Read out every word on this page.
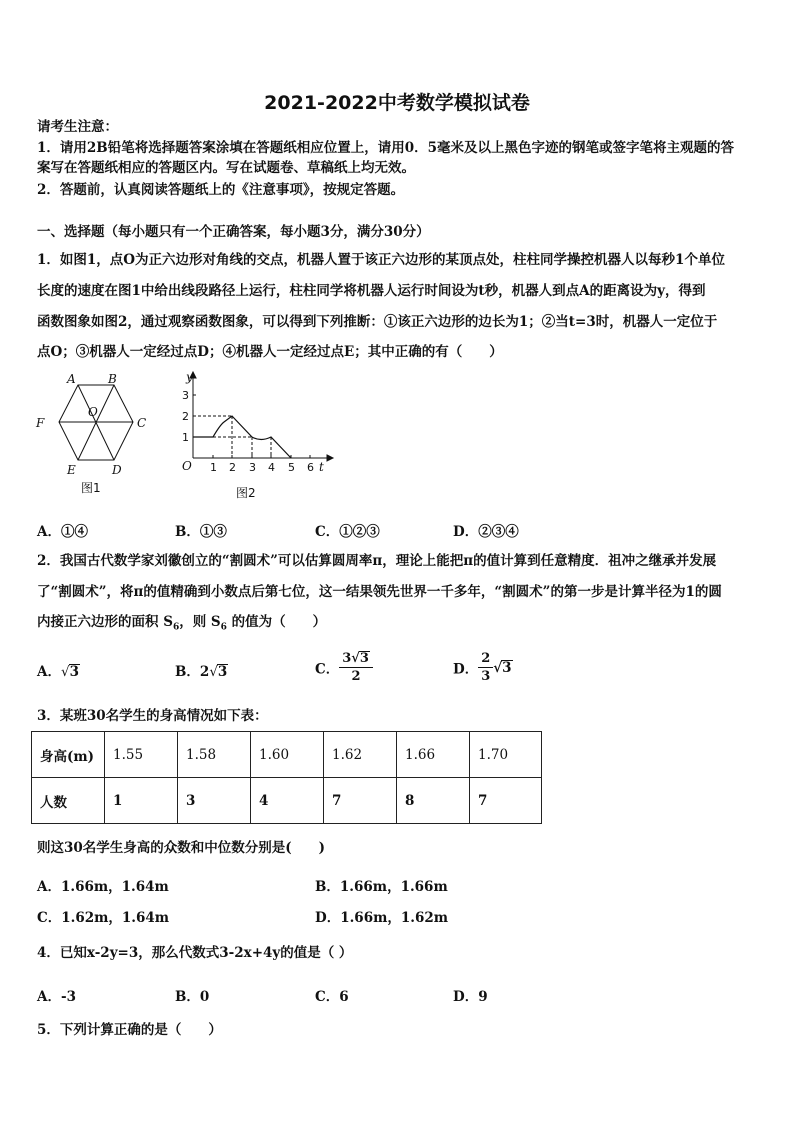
2021-2022中考数学模拟试卷
请考生注意：
1．请用2B铅笔将选择题答案涂填在答题纸相应位置上，请用0．5毫米及以上黑色字迹的钢笔或签字笔将主观题的答
案写在答题纸相应的答题区内。写在试题卷、草稿纸上均无效。
2．答题前，认真阅读答题纸上的《注意事项》，按规定答题。
一、选择题（每小题只有一个正确答案，每小题3分，满分30分）
1．如图1，点O为正六边形对角线的交点，机器人置于该正六边形的某顶点处，柱柱同学操控机器人以每秒1个单位
长度的速度在图1中给出线段路径上运行，柱柱同学将机器人运行时间设为t秒，机器人到点A的距离设为y，得到
函数图象如图2，通过观察函数图象，可以得到下列推断：①该正六边形的边长为1；②当t=3时，机器人一定位于
点O；③机器人一定经过点D；④机器人一定经过点E；其中正确的有（　　）
A	B
C
D
E
F
O
图1
1 2 3 4 5 6
1
2
3
O
y
t
图2
A．①④	B．①③	C．①②③	D．②③④
2．我国古代数学家刘徽创立的“割圆术”可以估算圆周率π，理论上能把π的值计算到任意精度．祖冲之继承并发展
了“割圆术”，将π的值精确到小数点后第七位，这一结果领先世界一千多年，“割圆术”的第一步是计算半径为1的圆
内接正六边形的面积 $S_6$，则 $S_6$ 的值为（　　）
A．√3	B．2√3	C． $\frac{3√3}{2}$	D． $\frac{2}{3} √3$
3．某班30名学生的身高情况如下表：
身高(m)	1.55	1.58	1.60	1.62	1.66	1.70
人数	1	3	4	7	8	7
则这30名学生身高的众数和中位数分别是(　　)
A．1.66m，1.64m	B．1.66m，1.66m
C．1.62m，1.64m	D．1.66m，1.62m
4．已知x-2y=3，那么代数式3-2x+4y的值是（ ）
A．-3	B．0	C．6	D．9
5．下列计算正确的是（　　）
